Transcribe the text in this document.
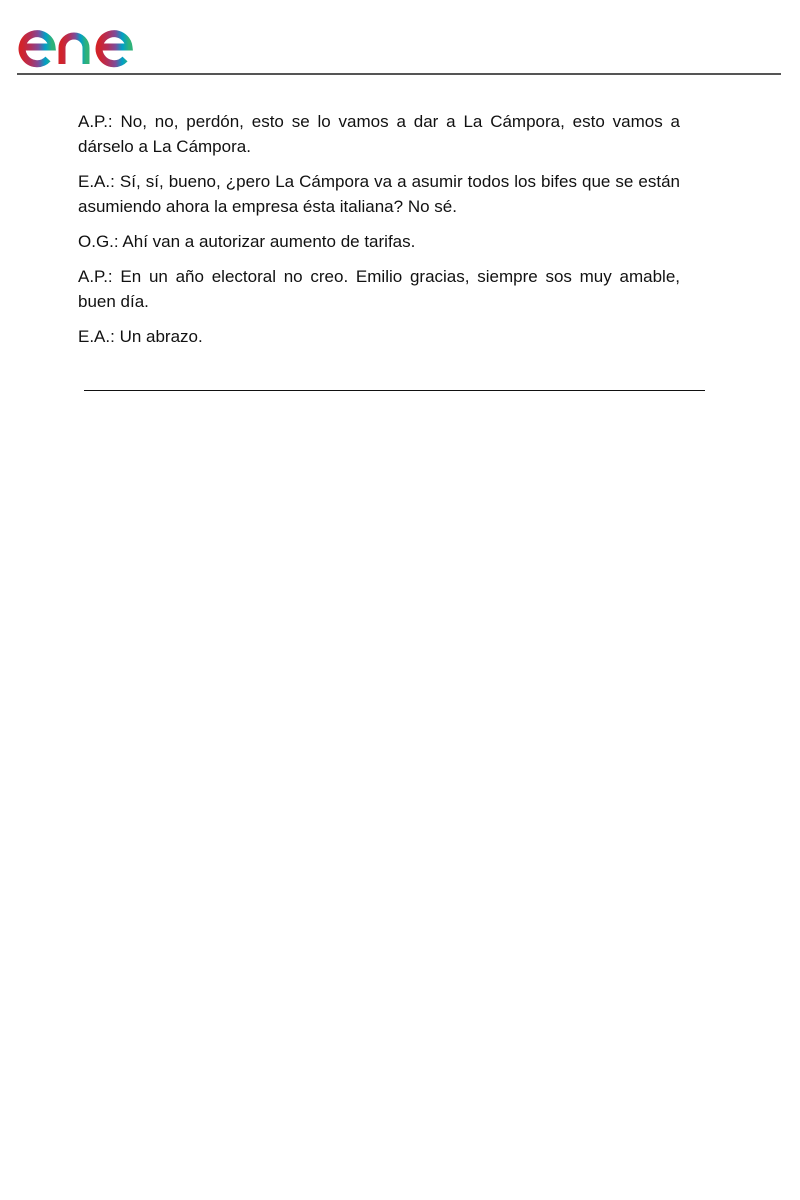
A.P.: No, no, perdón, esto se lo vamos a dar a La Cámpora, esto vamos a dárselo a La Cámpora.

E.A.: Sí, sí, bueno, ¿pero La Cámpora va a asumir todos los bifes que se están asumiendo ahora la empresa ésta italiana? No sé.

O.G.: Ahí van a autorizar aumento de tarifas.

A.P.: En un año electoral no creo. Emilio gracias, siempre sos muy amable, buen día.

E.A.: Un abrazo.
